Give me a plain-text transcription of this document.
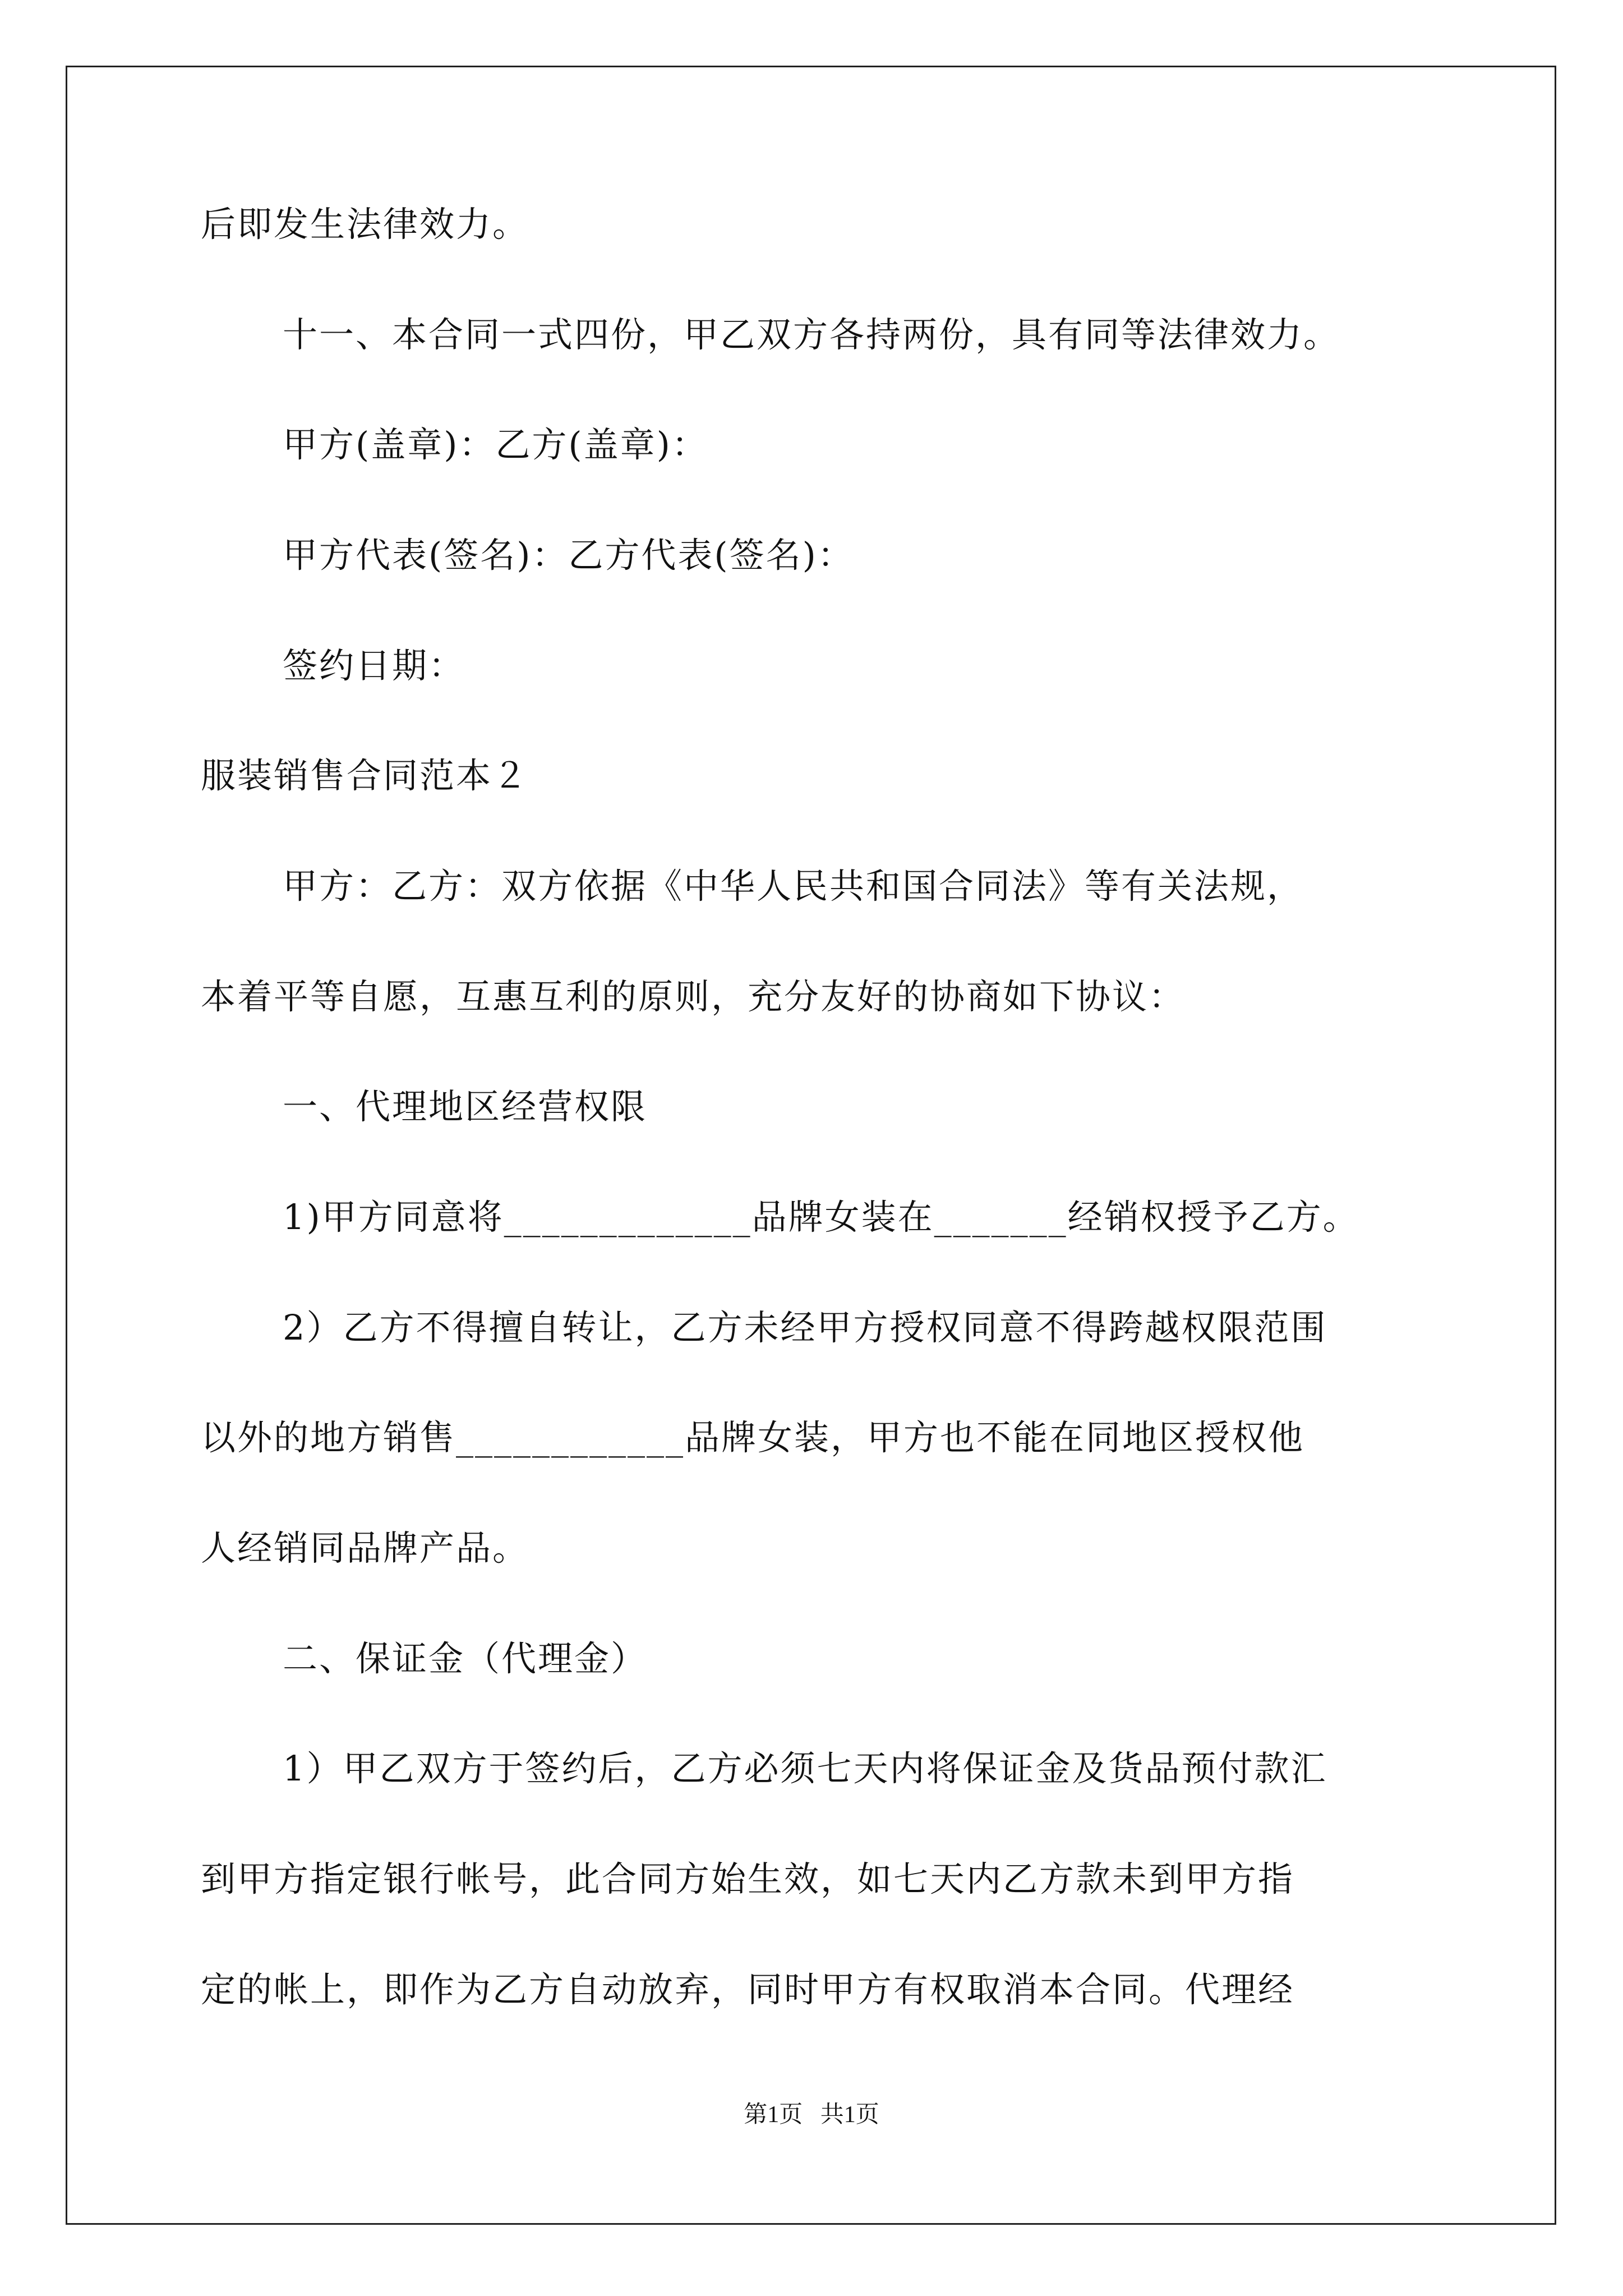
后即发生法律效力。
十一、本合同一式四份，甲乙双方各持两份，具有同等法律效力。
甲方(盖章)：乙方(盖章)：
甲方代表(签名)：乙方代表(签名)：
签约日期：
服装销售合同范本２
甲方：乙方：双方依据《中华人民共和国合同法》等有关法规，
本着平等自愿，互惠互利的原则，充分友好的协商如下协议：
一、代理地区经营权限
1)甲方同意将_____________品牌女装在_______经销权授予乙方。
2）乙方不得擅自转让，乙方未经甲方授权同意不得跨越权限范围
以外的地方销售____________品牌女装，甲方也不能在同地区授权他
人经销同品牌产品。
二、保证金（代理金）
1）甲乙双方于签约后，乙方必须七天内将保证金及货品预付款汇
到甲方指定银行帐号，此合同方始生效，如七天内乙方款未到甲方指
定的帐上，即作为乙方自动放弃，同时甲方有权取消本合同。代理经
第1页   共1页
